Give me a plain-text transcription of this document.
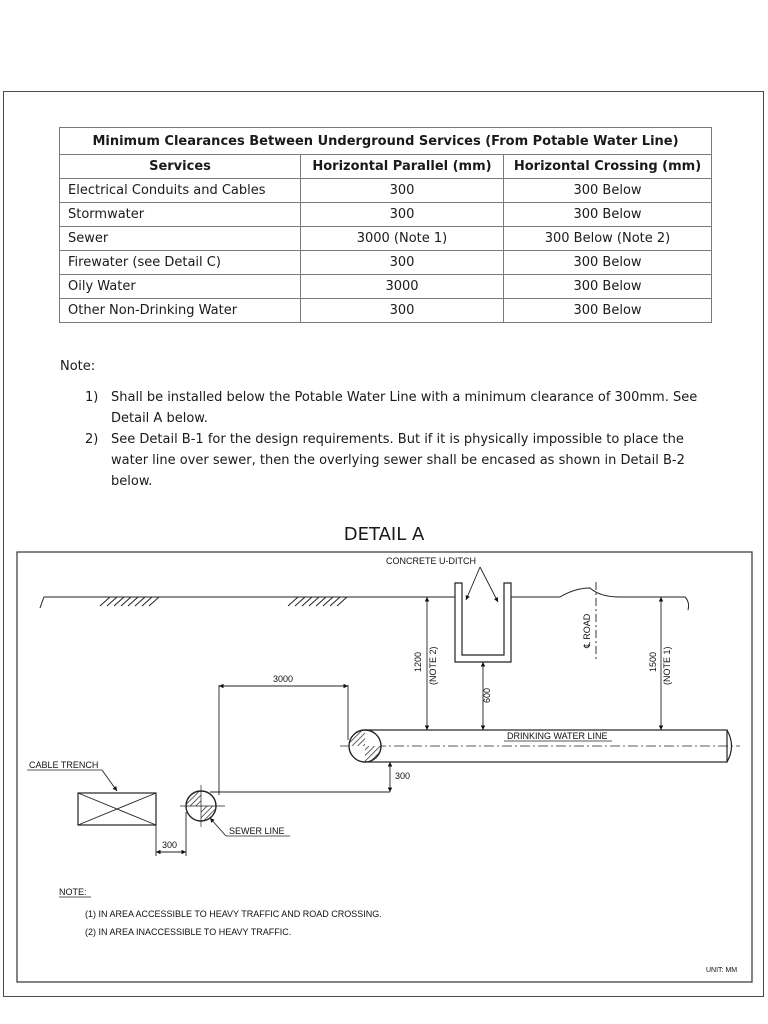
Minimum Clearances Between Underground Services (From Potable Water Line)		
Services	Horizontal Parallel (mm)	Horizontal Crossing (mm)
Electrical Conduits and Cables	300	300 Below
Stormwater	300	300 Below
Sewer	3000 (Note 1)	300 Below (Note 2)
Firewater (see Detail C)	300	300 Below
Oily Water	3000	300 Below
Other Non-Drinking Water	300	300 Below
Note:
1) Shall be installed below the Potable Water Line with a minimum clearance of 300mm. See Detail A below.
2) See Detail B-1 for the design requirements. But if it is physically impossible to place the water line over sewer, then the overlying sewer shall be encased as shown in Detail B-2 below.
DETAIL A
CONCRETE U-DITCH
℄ ROAD
DRINKING WATER LINE
1200 (NOTE 2)
600
1500 (NOTE 1)
3000
300
SEWER LINE
CABLE TRENCH
300
NOTE:
(1) IN AREA ACCESSIBLE TO HEAVY TRAFFIC AND ROAD CROSSING.
(2) IN AREA INACCESSIBLE TO HEAVY TRAFFIC.
UNIT: MM
